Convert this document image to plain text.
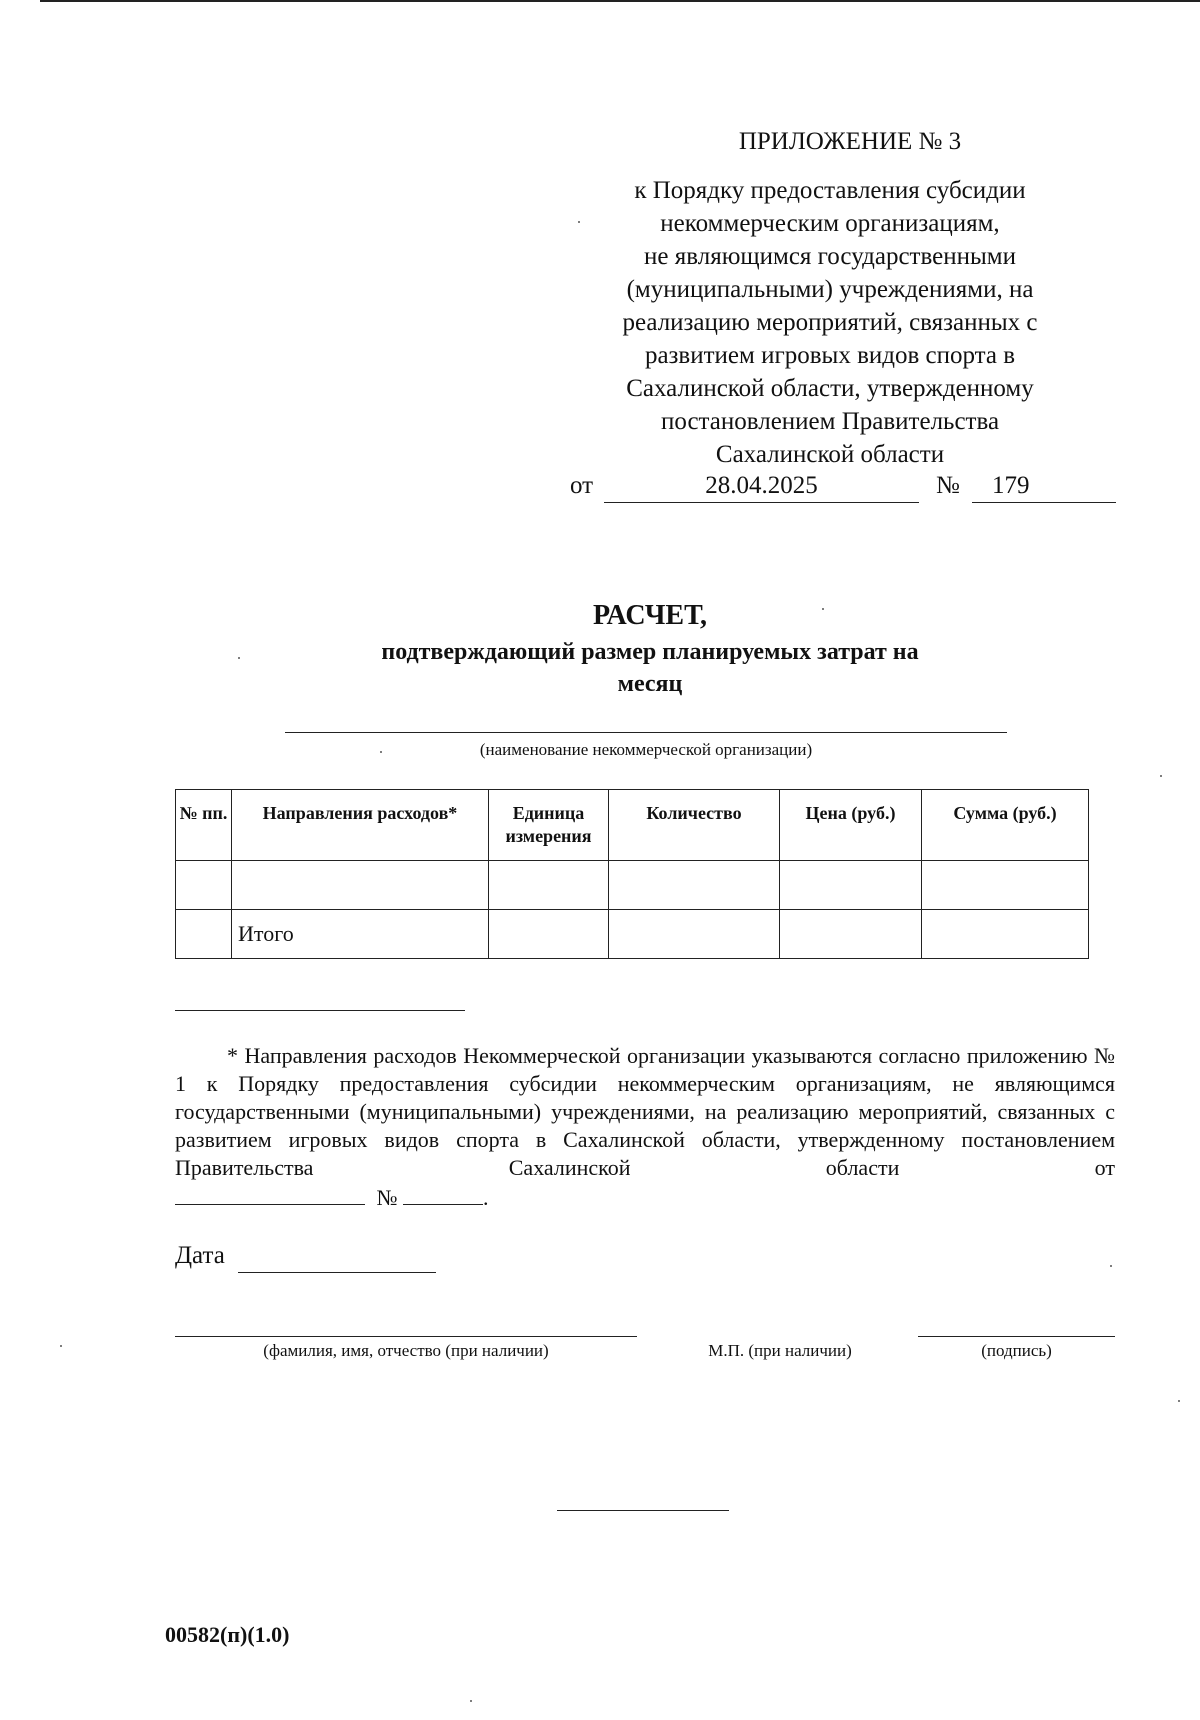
ПРИЛОЖЕНИЕ № 3
к Порядку предоставления субсидии
некоммерческим организациям,
не являющимся государственными
(муниципальными) учреждениями, на
реализацию мероприятий, связанных с
развитием игровых видов спорта в
Сахалинской области, утвержденному
постановлением Правительства
Сахалинской области
от	28.04.2025	№	179
РАСЧЕТ,
подтверждающий размер планируемых затрат на
месяц
(наименование некоммерческой организации)
№ пп.	Направления расходов*	Единица измерения	Количество	Цена (руб.)	Сумма (руб.)

	Итого				

* Направления расходов Некоммерческой организации указываются согласно приложению № 1 к Порядку предоставления субсидии некоммерческим организациям, не являющимся государственными (муниципальными) учреждениями, на реализацию мероприятий, связанных с развитием игровых видов спорта в Сахалинской области, утвержденному постановлением Правительства Сахалинской области от

№	.
Дата
(фамилия, имя, отчество (при наличии)	М.П. (при наличии)	(подпись)
00582(п)(1.0)
